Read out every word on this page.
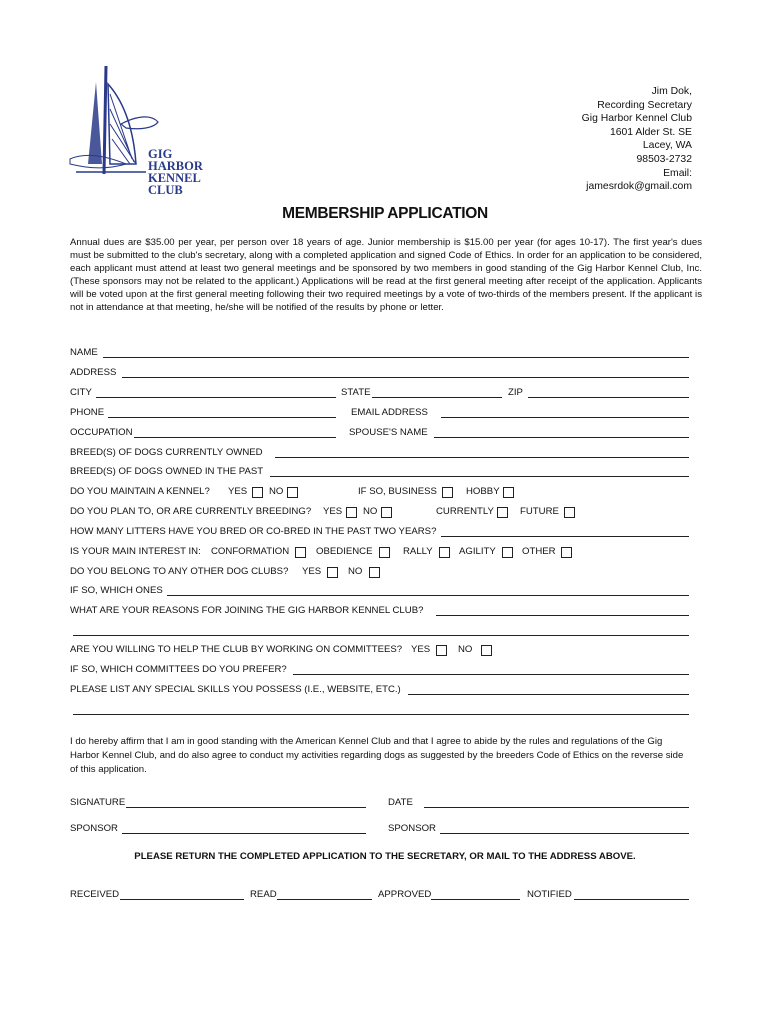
GIG
HARBOR
KENNEL CLUB
Jim Dok,
Recording Secretary
Gig Harbor Kennel Club
1601 Alder St. SE
Lacey, WA
98503-2732
Email:
jamesrdok@gmail.com
MEMBERSHIP APPLICATION
Annual dues are $35.00 per year, per person over 18 years of age. Junior membership is $15.00 per year (for ages 10-17). The first year's dues must be submitted to the club's secretary, along with a completed application and signed Code of Ethics. In order for an application to be considered, each applicant must attend at least two general meetings and be sponsored by two members in good standing of the Gig Harbor Kennel Club, Inc. (These sponsors may not be related to the applicant.) Applications will be read at the first general meeting after receipt of the application. Applicants will be voted upon at the first general meeting following their two required meetings by a vote of two-thirds of the members present. If the applicant is not in attendance at that meeting, he/she will be notified of the results by phone or letter.
NAME
ADDRESS
CITY	STATE	ZIP
PHONE	EMAIL ADDRESS
OCCUPATION	SPOUSE'S NAME
BREED(S) OF DOGS CURRENTLY OWNED
BREED(S) OF DOGS OWNED IN THE PAST
DO YOU MAINTAIN A KENNEL? YES NO	IF SO, BUSINESS	HOBBY
DO YOU PLAN TO, OR ARE CURRENTLY BREEDING? YES NO	CURRENTLY	FUTURE
HOW MANY LITTERS HAVE YOU BRED OR CO-BRED IN THE PAST TWO YEARS?
IS YOUR MAIN INTEREST IN: CONFORMATION	OBEDIENCE	RALLY	AGILITY	OTHER
DO YOU BELONG TO ANY OTHER DOG CLUBS? YES	NO
IF SO, WHICH ONES
WHAT ARE YOUR REASONS FOR JOINING THE GIG HARBOR KENNEL CLUB?
ARE YOU WILLING TO HELP THE CLUB BY WORKING ON COMMITTEES? YES	NO
IF SO, WHICH COMMITTEES DO YOU PREFER?
PLEASE LIST ANY SPECIAL SKILLS YOU POSSESS (I.E., WEBSITE, ETC.)
I do hereby affirm that I am in good standing with the American Kennel Club and that I agree to abide by the rules and regulations of the Gig Harbor Kennel Club, and do also agree to conduct my activities regarding dogs as suggested by the breeders Code of Ethics on the reverse side of this application.
SIGNATURE	DATE
SPONSOR	SPONSOR
PLEASE RETURN THE COMPLETED APPLICATION TO THE SECRETARY, OR MAIL TO THE ADDRESS ABOVE.
RECEIVED	READ	APPROVED	NOTIFIED
